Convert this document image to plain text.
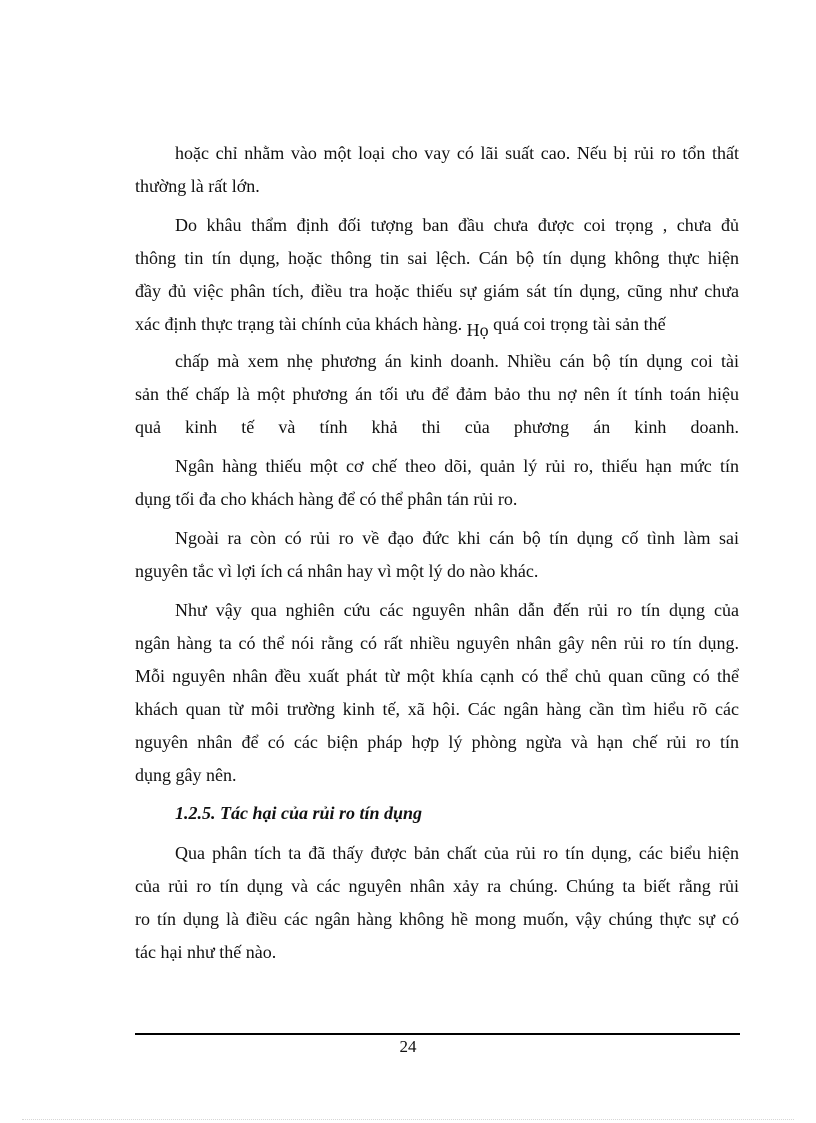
hoặc chỉ nhằm vào một loại cho vay có lãi suất cao. Nếu bị rủi ro tổn thất
thường là rất lớn.

Do khâu thẩm định đối tượng ban đầu chưa được coi trọng , chưa đủ
thông tin tín dụng, hoặc thông tin sai lệch. Cán bộ tín dụng không thực hiện
đầy đủ việc phân tích, điều tra hoặc thiếu sự giám sát tín dụng, cũng như chưa
xác định thực trạng tài chính của khách hàng. Họ quá coi trọng tài sản thế

chấp mà xem nhẹ phương án kinh doanh. Nhiều cán bộ tín dụng coi tài
sản thế chấp là một phương án tối ưu để đảm bảo thu nợ nên ít tính toán hiệu
quả kinh tế và tính khả thi của phương án kinh doanh.

Ngân hàng thiếu một cơ chế theo dõi, quản lý rủi ro, thiếu hạn mức tín
dụng tối đa cho khách hàng để có thể phân tán rủi ro.

Ngoài ra còn có rủi ro về đạo đức khi cán bộ tín dụng cố tình làm sai
nguyên tắc vì lợi ích cá nhân hay vì một lý do nào khác.

Như vậy qua nghiên cứu các nguyên nhân dẫn đến rủi ro tín dụng của
ngân hàng ta có thể nói rằng có rất nhiều nguyên nhân gây nên rủi ro tín dụng.
Mỗi nguyên nhân đều xuất phát từ một khía cạnh có thể chủ quan cũng có thể
khách quan từ môi trường kinh tế, xã hội. Các ngân hàng cần tìm hiểu rõ các
nguyên nhân để có các biện pháp hợp lý phòng ngừa và hạn chế rủi ro tín
dụng gây nên.

1.2.5. Tác hại của rủi ro tín dụng

Qua phân tích ta đã thấy được bản chất của rủi ro tín dụng, các biểu hiện
của rủi ro tín dụng và các nguyên nhân xảy ra chúng. Chúng ta biết rằng rủi
ro tín dụng là điều các ngân hàng không hề mong muốn, vậy chúng thực sự có
tác hại như thế nào.

24
